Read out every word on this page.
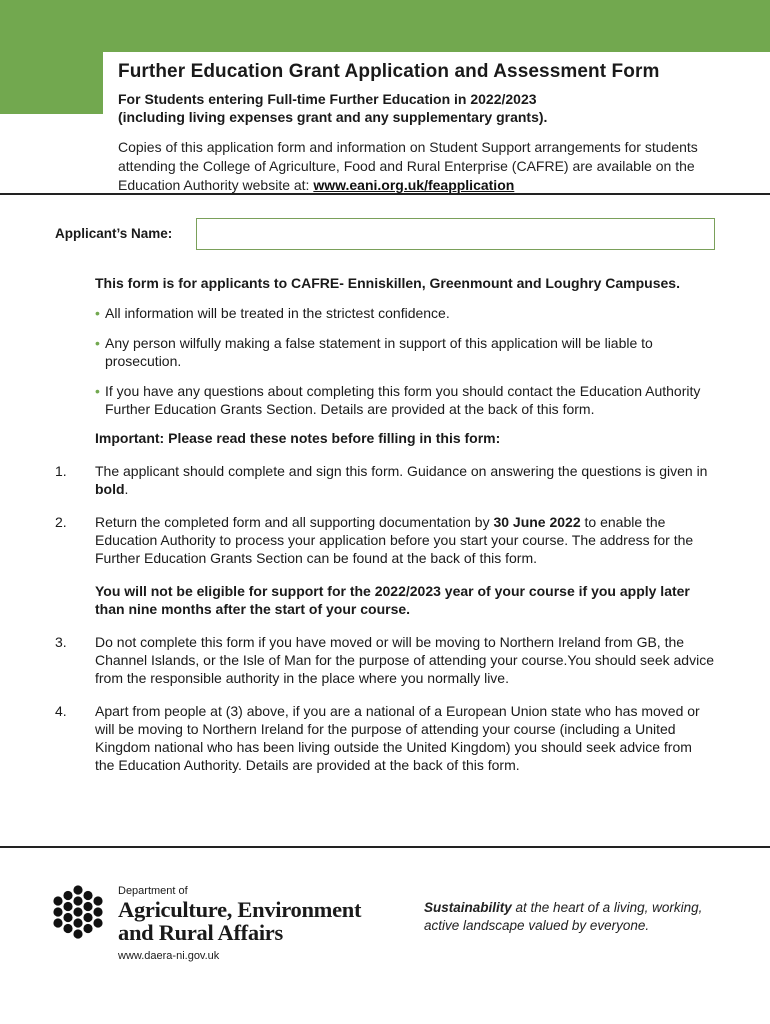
Further Education Grant Application and Assessment Form
For Students entering Full-time Further Education in 2022/2023
(including living expenses grant and any supplementary grants).

Copies of this application form and information on Student Support arrangements for students attending the College of Agriculture, Food and Rural Enterprise (CAFRE) are available on the Education Authority website at: www.eani.org.uk/feapplication

Applicant’s Name:

This form is for applicants to CAFRE- Enniskillen, Greenmount and Loughry Campuses.

• All information will be treated in the strictest confidence.
• Any person wilfully making a false statement in support of this application will be liable to prosecution.
• If you have any questions about completing this form you should contact the Education Authority Further Education Grants Section. Details are provided at the back of this form.

Important: Please read these notes before filling in this form:

1. The applicant should complete and sign this form. Guidance on answering the questions is given in bold.
2. Return the completed form and all supporting documentation by 30 June 2022 to enable the Education Authority to process your application before you start your course. The address for the Further Education Grants Section can be found at the back of this form.

You will not be eligible for support for the 2022/2023 year of your course if you apply later than nine months after the start of your course.

3. Do not complete this form if you have moved or will be moving to Northern Ireland from GB, the Channel Islands, or the Isle of Man for the purpose of attending your course.You should seek advice from the responsible authority in the place where you normally live.
4. Apart from people at (3) above, if you are a national of a European Union state who has moved or will be moving to Northern Ireland for the purpose of attending your course (including a United Kingdom national who has been living outside the United Kingdom) you should seek advice from the Education Authority. Details are provided at the back of this form.
Department of
Agriculture, Environment
and Rural Affairs
www.daera-ni.gov.uk

Sustainability at the heart of a living, working, active landscape valued by everyone.
